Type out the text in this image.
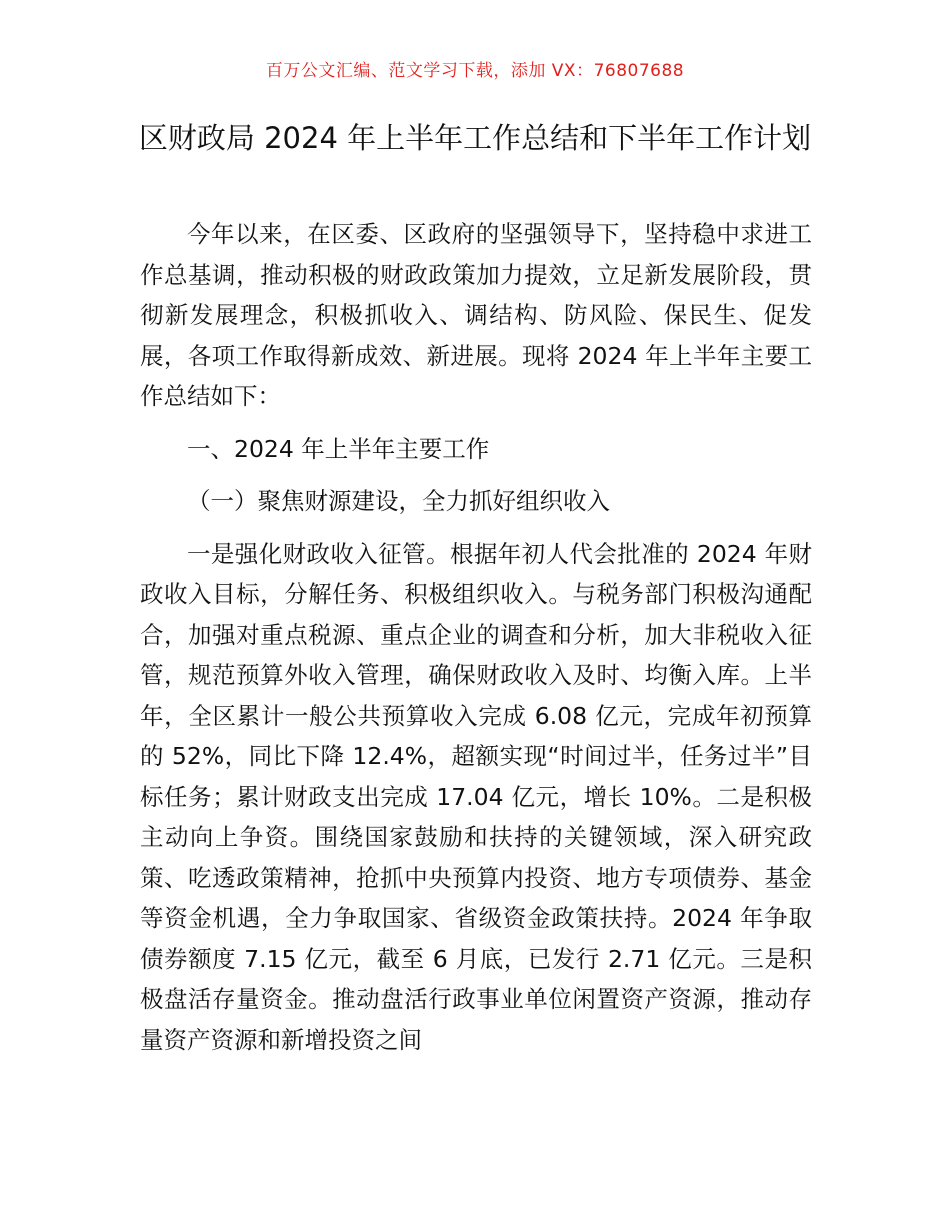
百万公文汇编、范文学习下载，添加 VX：76807688
区财政局 2024 年上半年工作总结和下半年工作计划

今年以来，在区委、区政府的坚强领导下，坚持稳中求进工作总基调，推动积极的财政政策加力提效，立足新发展阶段，贯彻新发展理念，积极抓收入、调结构、防风险、保民生、促发展，各项工作取得新成效、新进展。现将 2024 年上半年主要工作总结如下：

一、2024 年上半年主要工作

（一）聚焦财源建设，全力抓好组织收入

一是强化财政收入征管。根据年初人代会批准的 2024 年财政收入目标，分解任务、积极组织收入。与税务部门积极沟通配合，加强对重点税源、重点企业的调查和分析，加大非税收入征管，规范预算外收入管理，确保财政收入及时、均衡入库。上半年，全区累计一般公共预算收入完成 6.08 亿元，完成年初预算的 52%，同比下降 12.4%，超额实现“时间过半，任务过半”目标任务；累计财政支出完成 17.04 亿元，增长 10%。二是积极主动向上争资。围绕国家鼓励和扶持的关键领域，深入研究政策、吃透政策精神，抢抓中央预算内投资、地方专项债券、基金等资金机遇，全力争取国家、省级资金政策扶持。2024 年争取债券额度 7.15 亿元，截至 6 月底，已发行 2.71 亿元。三是积极盘活存量资金。推动盘活行政事业单位闲置资产资源，推动存量资产资源和新增投资之间
